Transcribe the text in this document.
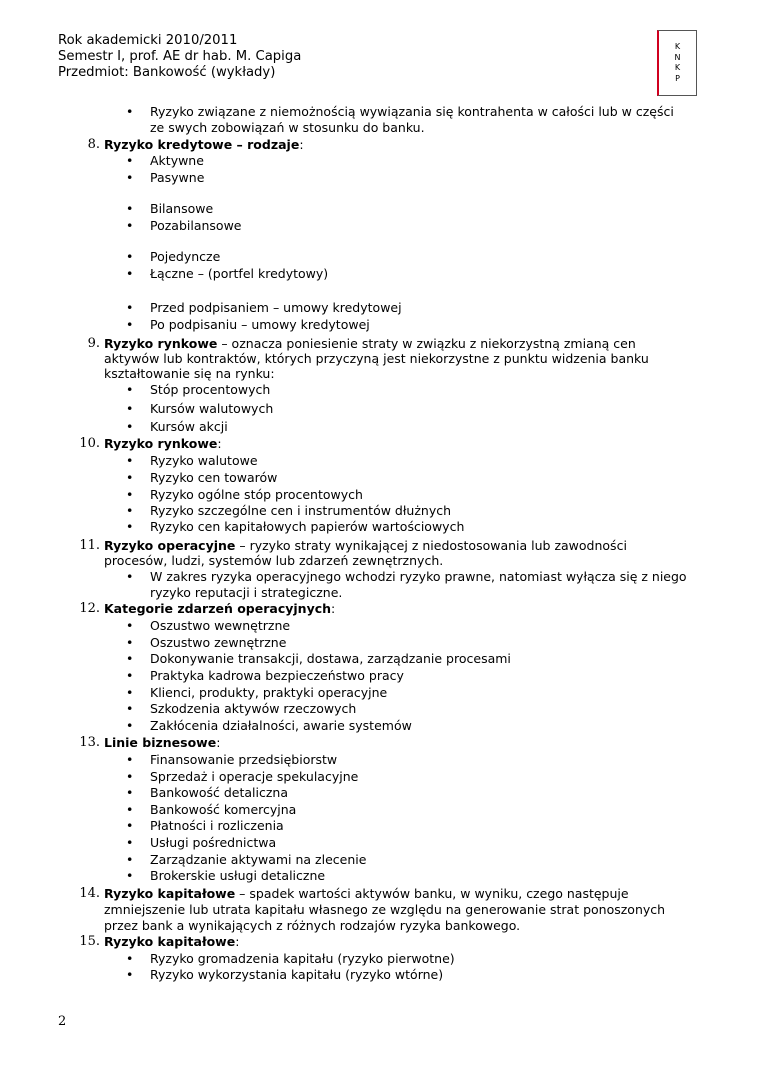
Rok akademicki 2010/2011
Semestr I, prof. AE dr hab. M. Capiga
Przedmiot: Bankowość (wykłady)
K
N
K
P
Ryzyko związane z niemożnością wywiązania się kontrahenta w całości lub w części
ze swych zobowiązań w stosunku do banku.
8. Ryzyko kredytowe – rodzaje:
Aktywne
Pasywne
Bilansowe
Pozabilansowe
Pojedyncze
Łączne – (portfel kredytowy)
Przed podpisaniem – umowy kredytowej
Po podpisaniu – umowy kredytowej
9. Ryzyko rynkowe – oznacza poniesienie straty w związku z niekorzystną zmianą cen
aktywów lub kontraktów, których przyczyną jest niekorzystne z punktu widzenia banku
kształtowanie się na rynku:
Stóp procentowych
Kursów walutowych
Kursów akcji
10. Ryzyko rynkowe:
Ryzyko walutowe
Ryzyko cen towarów
Ryzyko ogólne stóp procentowych
Ryzyko szczególne cen i instrumentów dłużnych
Ryzyko cen kapitałowych papierów wartościowych
11. Ryzyko operacyjne – ryzyko straty wynikającej z niedostosowania lub zawodności
procesów, ludzi, systemów lub zdarzeń zewnętrznych.
W zakres ryzyka operacyjnego wchodzi ryzyko prawne, natomiast wyłącza się z niego
ryzyko reputacji i strategiczne.
12. Kategorie zdarzeń operacyjnych:
Oszustwo wewnętrzne
Oszustwo zewnętrzne
Dokonywanie transakcji, dostawa, zarządzanie procesami
Praktyka kadrowa bezpieczeństwo pracy
Klienci, produkty, praktyki operacyjne
Szkodzenia aktywów rzeczowych
Zakłócenia działalności, awarie systemów
13. Linie biznesowe:
Finansowanie przedsiębiorstw
Sprzedaż i operacje spekulacyjne
Bankowość detaliczna
Bankowość komercyjna
Płatności i rozliczenia
Usługi pośrednictwa
Zarządzanie aktywami na zlecenie
Brokerskie usługi detaliczne
14. Ryzyko kapitałowe – spadek wartości aktywów banku, w wyniku, czego następuje
zmniejszenie lub utrata kapitału własnego ze względu na generowanie strat ponoszonych
przez bank a wynikających z różnych rodzajów ryzyka bankowego.
15. Ryzyko kapitałowe:
Ryzyko gromadzenia kapitału (ryzyko pierwotne)
Ryzyko wykorzystania kapitału (ryzyko wtórne)
2
